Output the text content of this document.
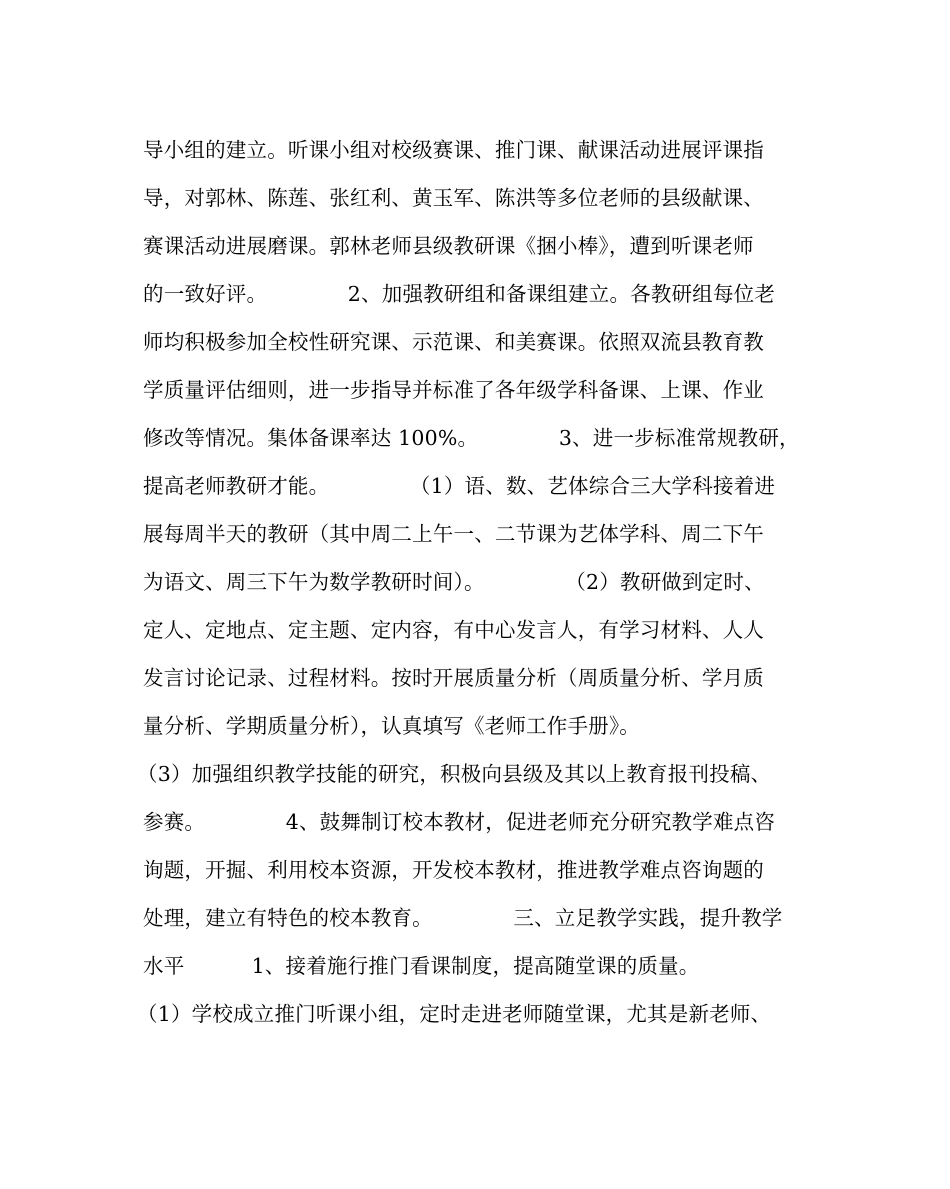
导小组的建立。听课小组对校级赛课、推门课、献课活动进展评课指
导，对郭林、陈莲、张红利、黄玉军、陈洪等多位老师的县级献课、
赛课活动进展磨课。郭林老师县级教研课《捆小棒》，遭到听课老师
的一致好评。            2、加强教研组和备课组建立。各教研组每位老
师均积极参加全校性研究课、示范课、和美赛课。依照双流县教育教
学质量评估细则，进一步指导并标准了各年级学科备课、上课、作业
修改等情况。集体备课率达 100%。            3、进一步标准常规教研，
提高老师教研才能。            （1）语、数、艺体综合三大学科接着进
展每周半天的教研（其中周二上午一、二节课为艺体学科、周二下午
为语文、周三下午为数学教研时间）。            （2）教研做到定时、
定人、定地点、定主题、定内容，有中心发言人，有学习材料、人人
发言讨论记录、过程材料。按时开展质量分析（周质量分析、学月质
量分析、学期质量分析），认真填写《老师工作手册》。
（3）加强组织教学技能的研究，积极向县级及其以上教育报刊投稿、
参赛。            4、鼓舞制订校本教材，促进老师充分研究教学难点咨
询题，开掘、利用校本资源，开发校本教材，推进教学难点咨询题的
处理，建立有特色的校本教育。            三、立足教学实践，提升教学
水平          1、接着施行推门看课制度，提高随堂课的质量。
（1）学校成立推门听课小组，定时走进老师随堂课，尤其是新老师、
